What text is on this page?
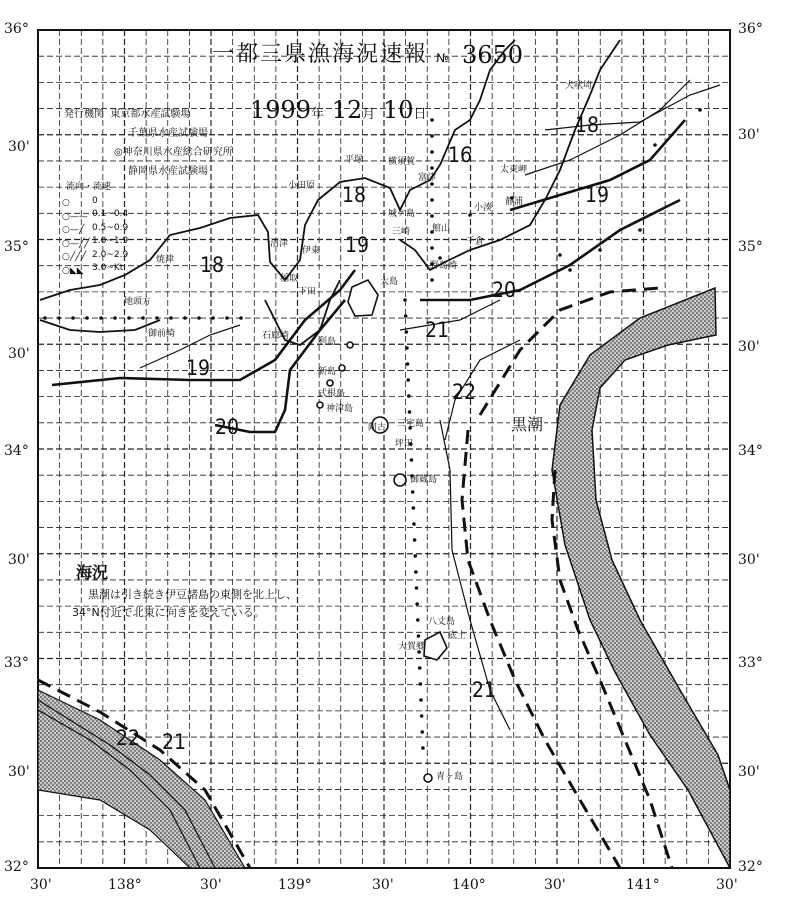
36°
30'
35°
30'
34°
30'
33°
30'
32°
36°
30'
35°
30'
34°
30'
33°
30'
32°
30'	138°	30'	139°	30'	140°	30'	141°	30'
一都三県漁海況速報 № 3650
1999年 12月 10日
発行機関 東京都水産試験場
千葉県水産試験場
◎神奈川県水産総合研究所
静岡県水産試験場
流向・流速
○	0
○—— 0.1~0.4
○—╱ 0.5~0.9
○—╱╱ 1.0~1.9
○╱╱╱ 2.0~2.9
○◣◣ 3.0~Kt
海況
黒潮は引き続き伊豆諸島の東側を北上し、
34°N付近で北東に向きを変えている。
18
16
18	19
19
18
20
21
19
20
22
21
22 21
黒潮
犬吠埼
太東岬
静浦
小湊
千倉
野島崎
館山
富津
横須賀
平塚
小田原
沼津
伊東
焼津
御前崎
稲取
下田
石廊崎
大島
利島
新島
式根島
神津島
三宅島
坪田
阿古
御蔵島
八丈島
底土
大賀郷
青ヶ島
城ケ島
三崎
地頭方
